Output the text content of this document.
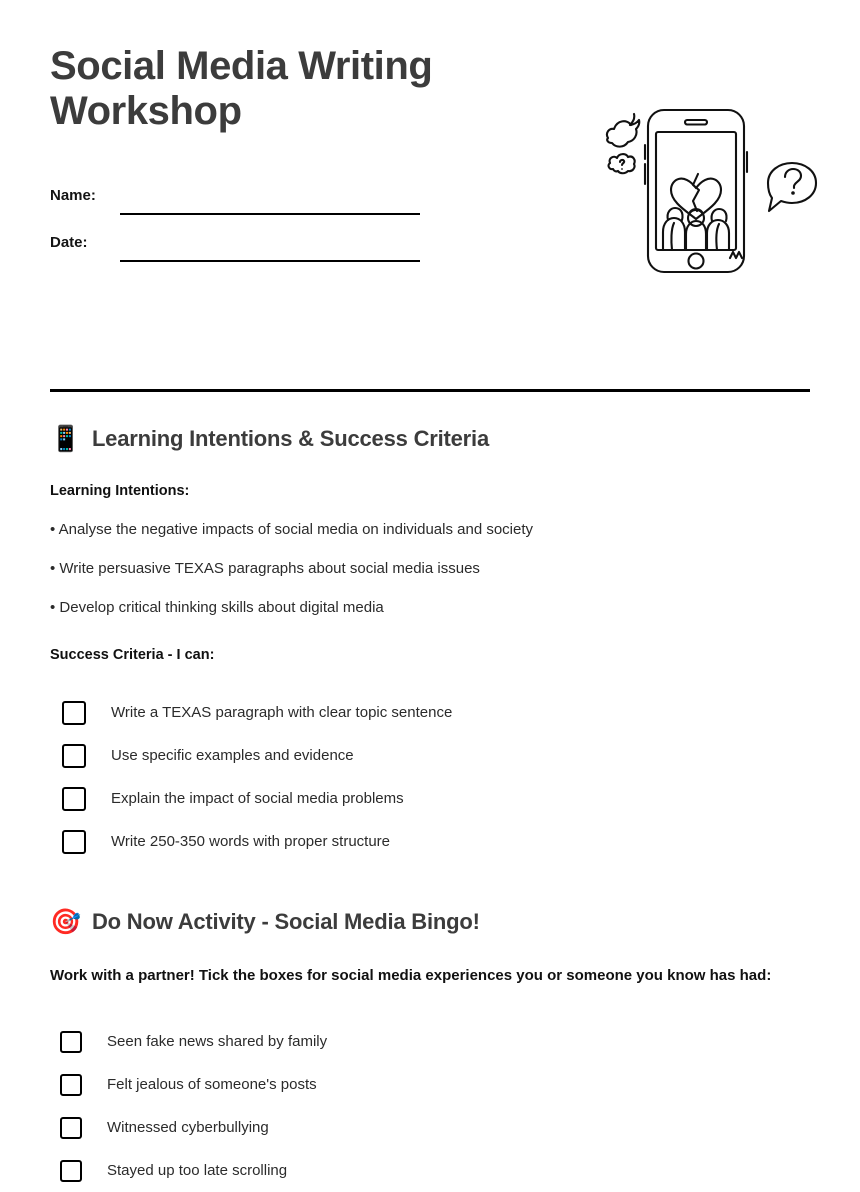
Social Media Writing Workshop
Name:
Date:
📱 Learning Intentions & Success Criteria
Learning Intentions:
• Analyse the negative impacts of social media on individuals and society
• Write persuasive TEXAS paragraphs about social media issues
• Develop critical thinking skills about digital media
Success Criteria - I can:
Write a TEXAS paragraph with clear topic sentence
Use specific examples and evidence
Explain the impact of social media problems
Write 250-350 words with proper structure
🎯 Do Now Activity - Social Media Bingo!
Work with a partner! Tick the boxes for social media experiences you or someone you know has had:
Seen fake news shared by family
Felt jealous of someone's posts
Witnessed cyberbullying
Stayed up too late scrolling
